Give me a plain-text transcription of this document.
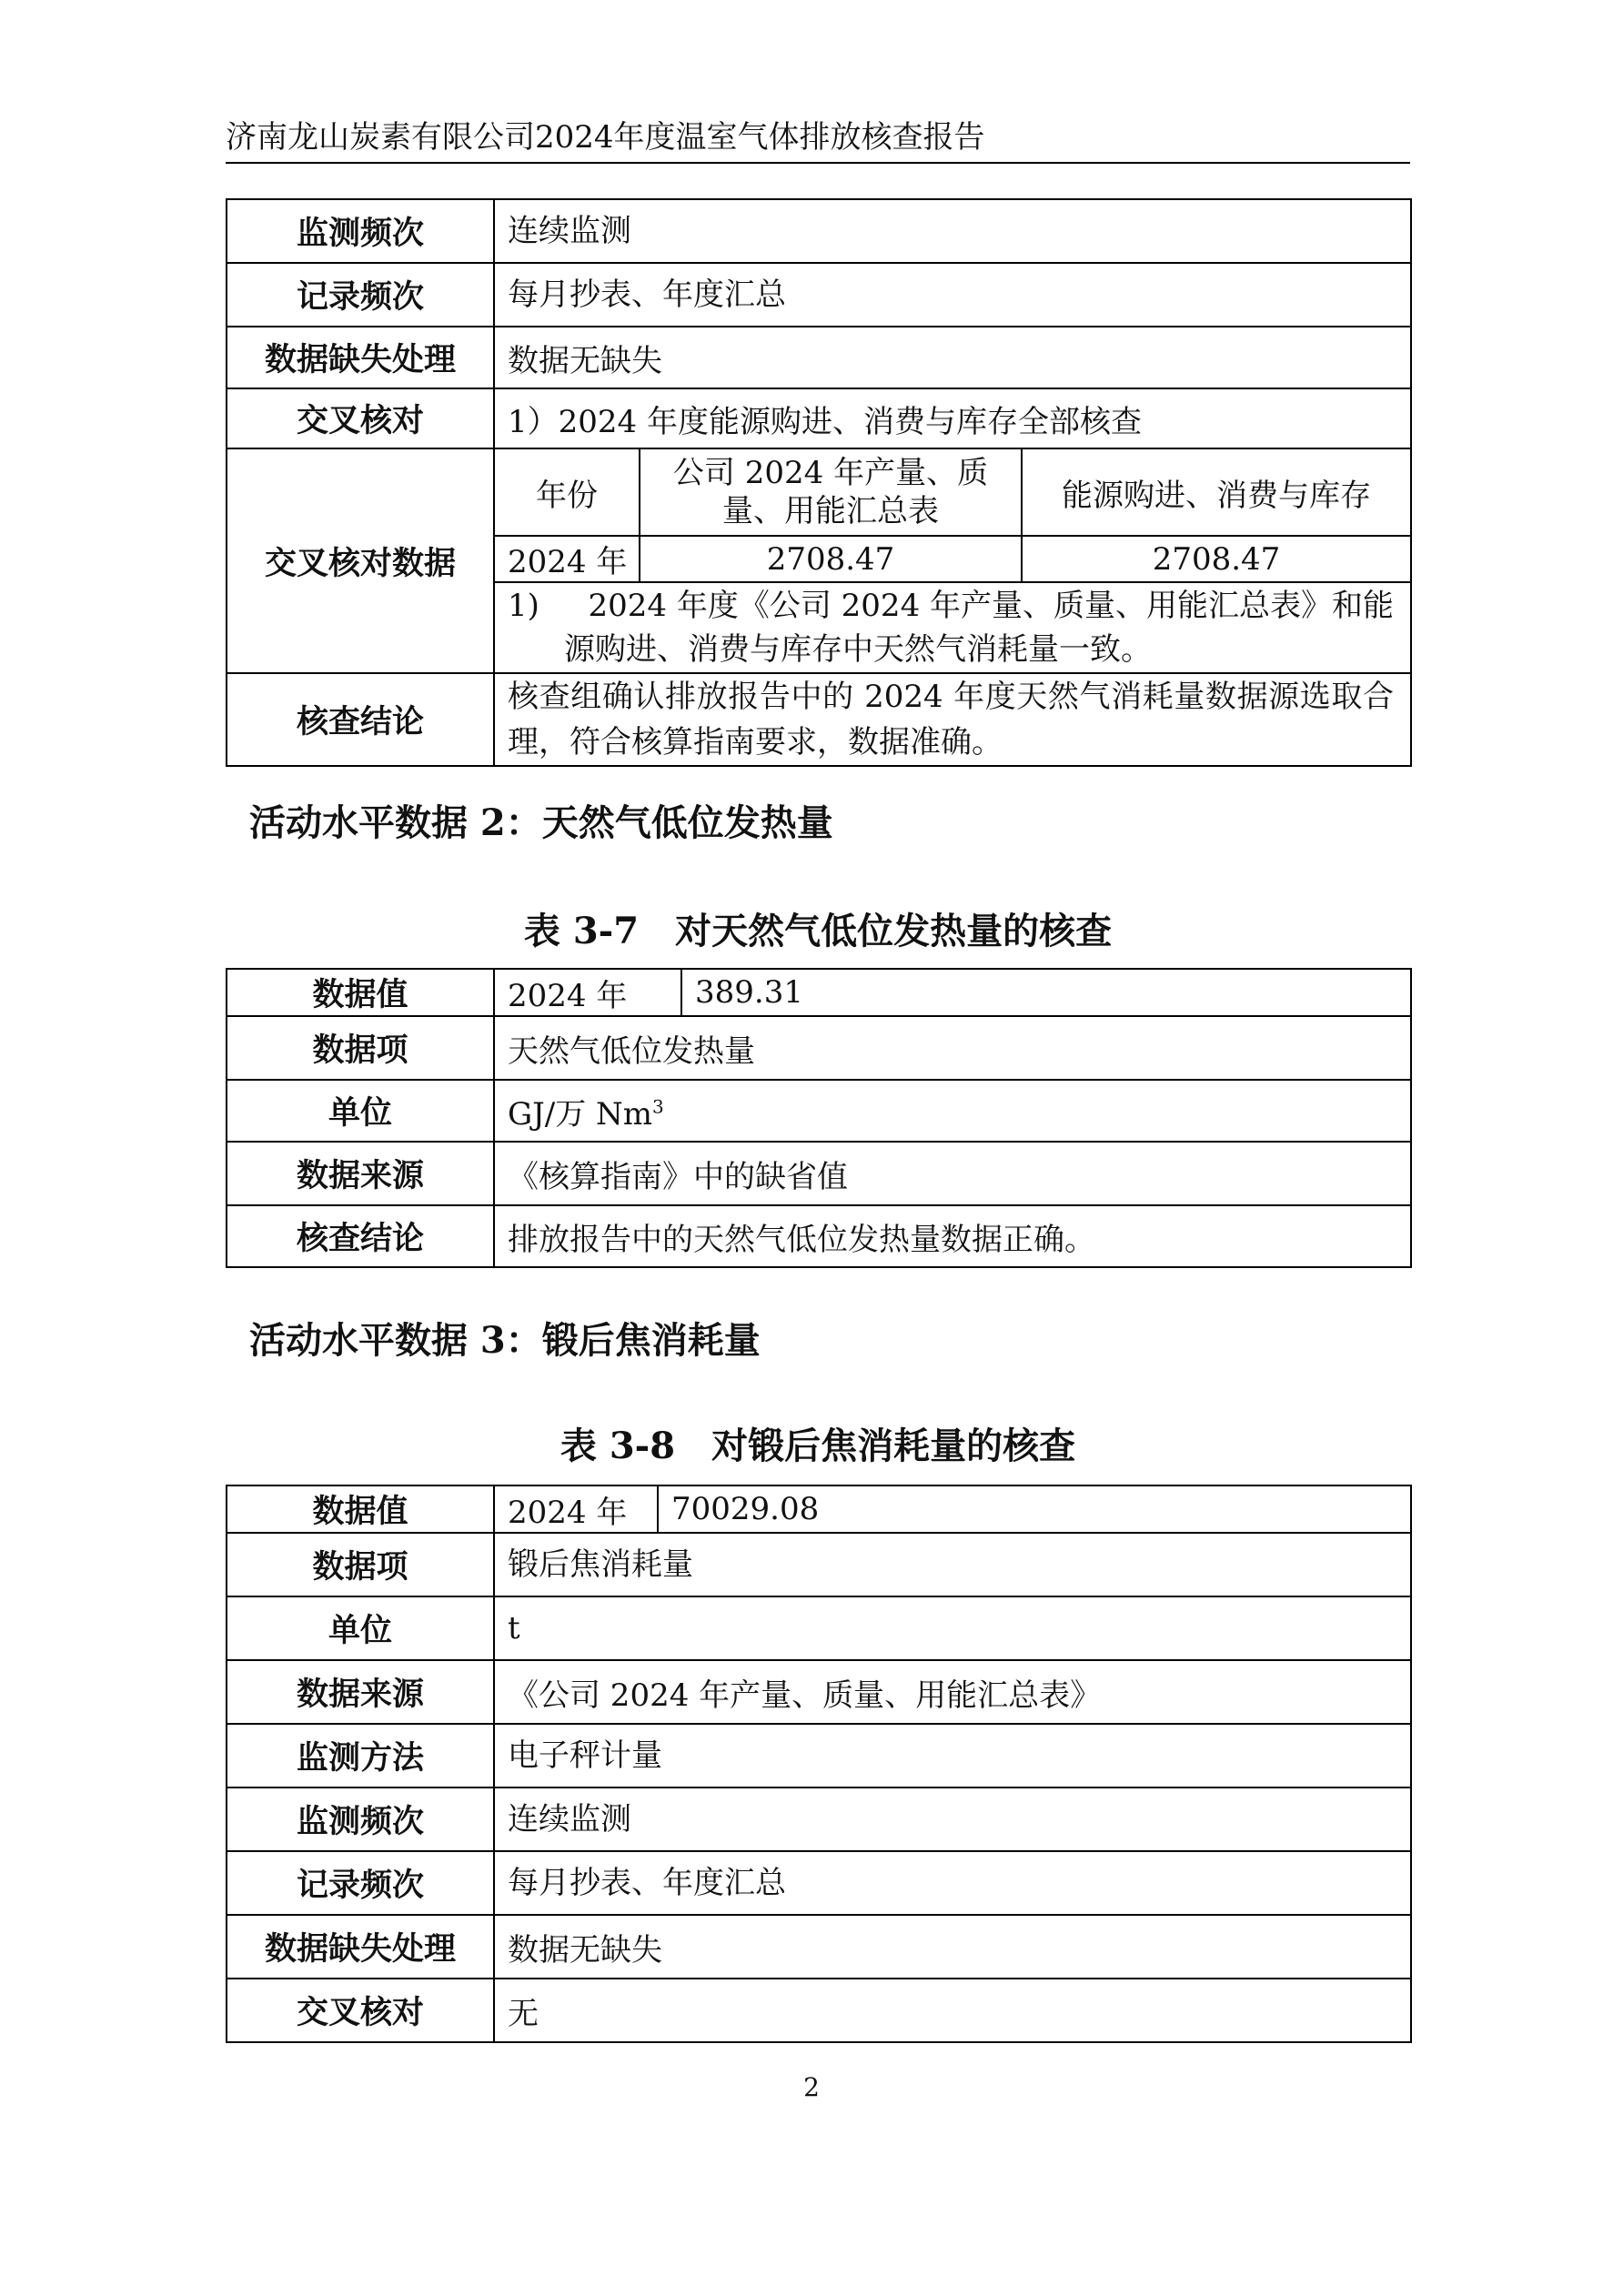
济南龙山炭素有限公司2024年度温室气体排放核查报告
监测频次	连续监测		
记录频次	每月抄表、年度汇总		
数据缺失处理	数据无缺失		
交叉核对	1）2024 年度能源购进、消费与库存全部核查		
交叉核对数据	年份	公司 2024 年产量、质量、用能汇总表	能源购进、消费与库存
	2024 年	2708.47	2708.47

	1) 2024 年度《公司 2024 年产量、质量、用能汇总表》和能
源购进、消费与库存中天然气消耗量一致。		

核查结论	核查组确认排放报告中的 2024 年度天然气消耗量数据源选取合理，符合核算指南要求，数据准确。		
活动水平数据 2：天然气低位发热量
表 3-7　对天然气低位发热量的核查
数据值	2024 年	389.31
数据项	天然气低位发热量	
单位	GJ/万 Nm$^3$
数据来源	《核算指南》中的缺省值	
核查结论	排放报告中的天然气低位发热量数据正确。	
活动水平数据 3：锻后焦消耗量
表 3-8　对锻后焦消耗量的核查
数据值	2024 年	70029.08
数据项	锻后焦消耗量	
单位	t	
数据来源	《公司 2024 年产量、质量、用能汇总表》	
监测方法	电子秤计量	
监测频次	连续监测	
记录频次	每月抄表、年度汇总	
数据缺失处理	数据无缺失	
交叉核对	无	
2
